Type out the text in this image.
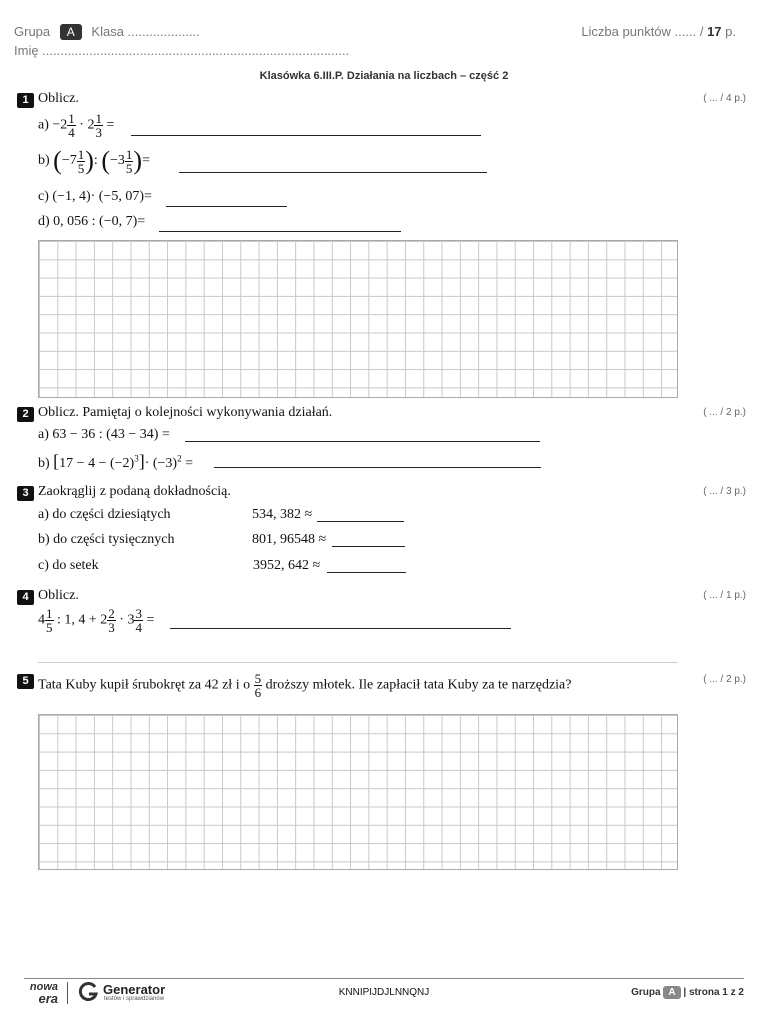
Grupa A Klasa ....................	Liczba punktów ...... / 17 p.
Imię .....................................................................................
Klasówka 6.III.P. Działania na liczbach – część 2
1 Oblicz.	( ... / 4 p.)
$a) -2 \frac{1}{4} \cdot 2 \frac{1}{3}$ =
b) ($-7 \frac{1}{5}$ ): ($-3 \frac{1}{5}$ )=
c) (−1, 4)· (−5, 07)=
d) 0, 056 : (−0, 7)=
2 Oblicz. Pamiętaj o kolejności wykonywania działań.	( ... / 2 p.)
a) 63 − 36 : (43 − 34) =
b) $[17 - 4 - (-2)^3]\cdot (-3)^2$ =
3 Zaokrąglij z podaną dokładnością.	( ... / 3 p.)
a) do części dziesiątych	534, 382 ≈
b) do części tysięcznych	801, 96548 ≈
c) do setek	3952, 642 ≈
4 Oblicz.	( ... / 1 p.)
$4 \frac{1}{5}$ : 1, $4 + 2 \frac{2}{3} \cdot 3 \frac{3}{4}$ =
5	( ... / 2 p.)
Tata Kuby kupił śrubokręt za 42 zł i o $\frac{5}{6}$ droższy młotek. Ile zapłacił tata Kuby za te narzędzia?
nowa
era
Generator
testów i sprawdzianów
KNNIPIJDJLNNQNJ	Grupa A | strona 1 z 2
